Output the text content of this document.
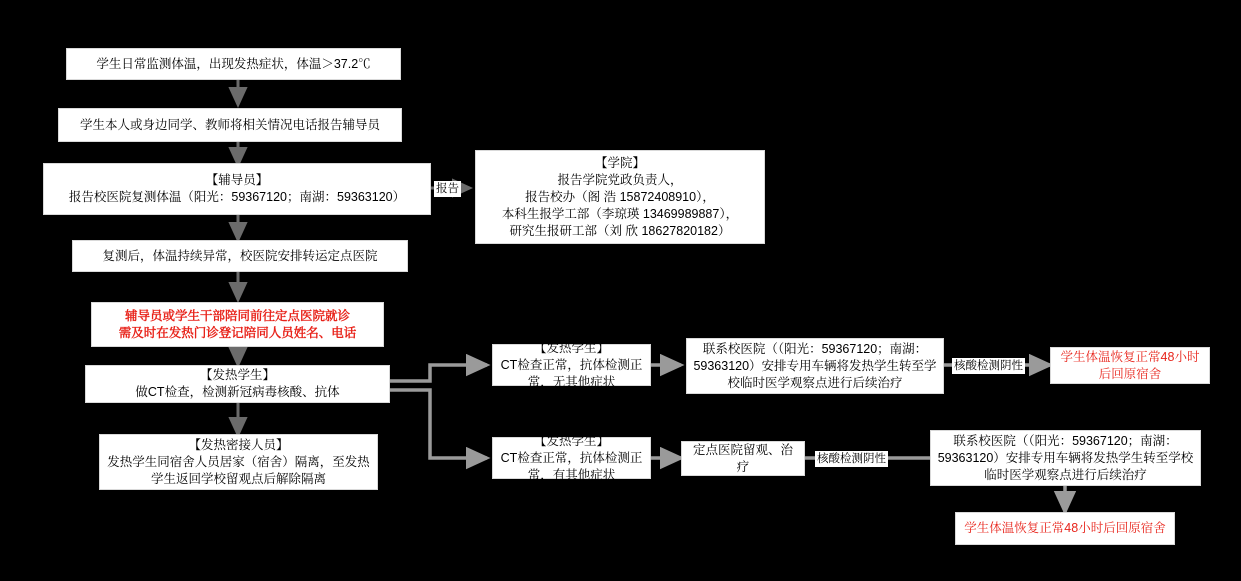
学生日常监测体温，出现发热症状，体温＞37.2℃
学生本人或身边同学、教师将相关情况电话报告辅导员
【辅导员】
报告校医院复测体温（阳光：59367120；南湖：59363120）
【学院】
报告学院党政负责人，
报告校办（阁 浩 15872408910），
本科生报学工部（李琼瑛 13469989887），
研究生报研工部（刘 欣 18627820182）
复测后，体温持续异常，校医院安排转运定点医院
辅导员或学生干部陪同前往定点医院就诊
需及时在发热门诊登记陪同人员姓名、电话
【发热学生】
做CT检查，检测新冠病毒核酸、抗体
【发热密接人员】
发热学生同宿舍人员居家（宿舍）隔离，至发热学生返回学校留观点后解除隔离
【发热学生】
CT检查正常，抗体检测正常，无其他症状
联系校医院（（阳光：59367120；南湖：59363120）安排专用车辆将发热学生转至学校临时医学观察点进行后续治疗
学生体温恢复正常48小时后回原宿舍
【发热学生】
CT检查正常，抗体检测正常，有其他症状
定点医院留观、治疗
联系校医院（（阳光：59367120；南湖：59363120）安排专用车辆将发热学生转至学校临时医学观察点进行后续治疗
学生体温恢复正常48小时后回原宿舍
报告
核酸检测阴性
核酸检测阴性
